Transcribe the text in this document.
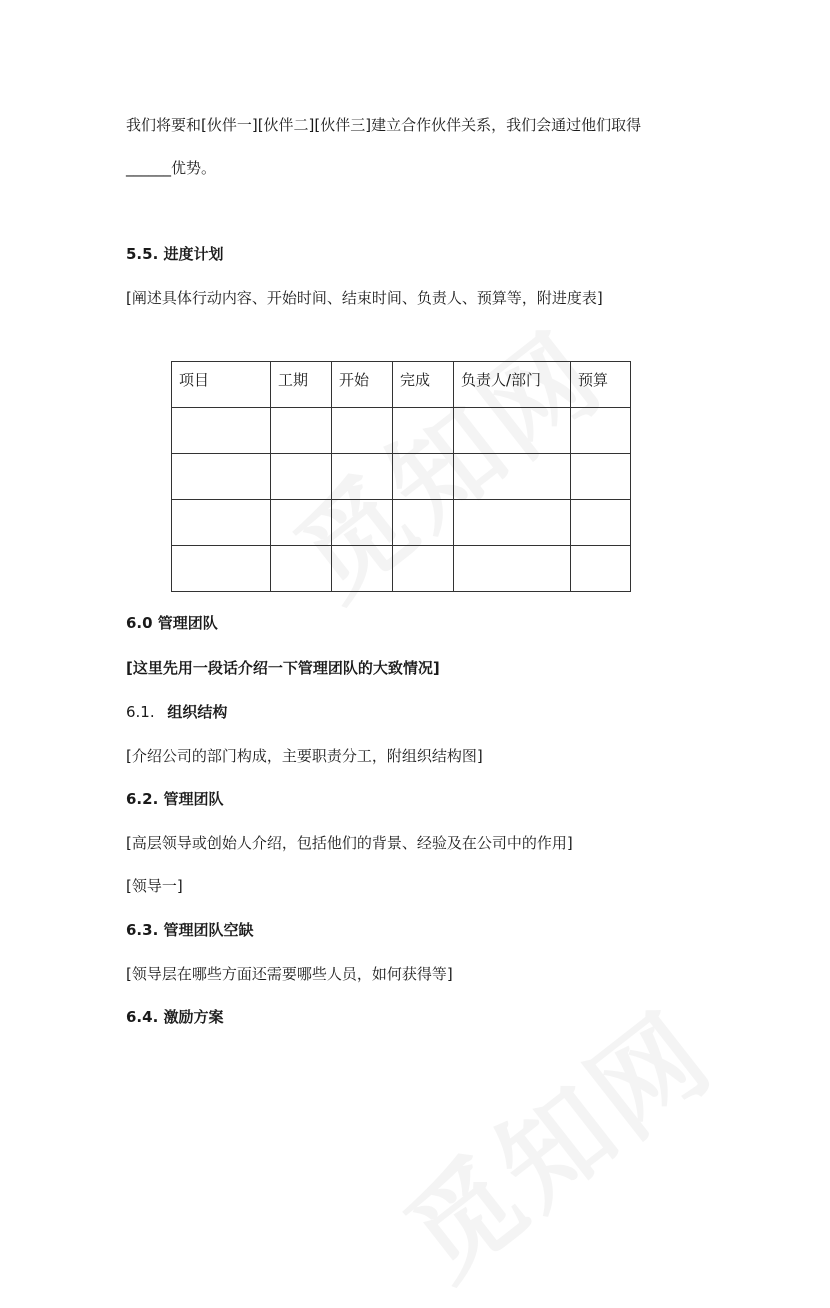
我们将要和[伙伴一][伙伴二][伙伴三]建立合作伙伴关系，我们会通过他们取得
______优势。
5.5. 进度计划
[阐述具体行动内容、开始时间、结束时间、负责人、预算等，附进度表]
项目	工期	开始	完成	负责人/部门	预算

6.0 管理团队
[这里先用一段话介绍一下管理团队的大致情况]
6.1. 组织结构
[介绍公司的部门构成，主要职责分工，附组织结构图]
6.2. 管理团队
[高层领导或创始人介绍，包括他们的背景、经验及在公司中的作用]
[领导一]
6.3. 管理团队空缺
[领导层在哪些方面还需要哪些人员，如何获得等]
6.4. 激励方案
